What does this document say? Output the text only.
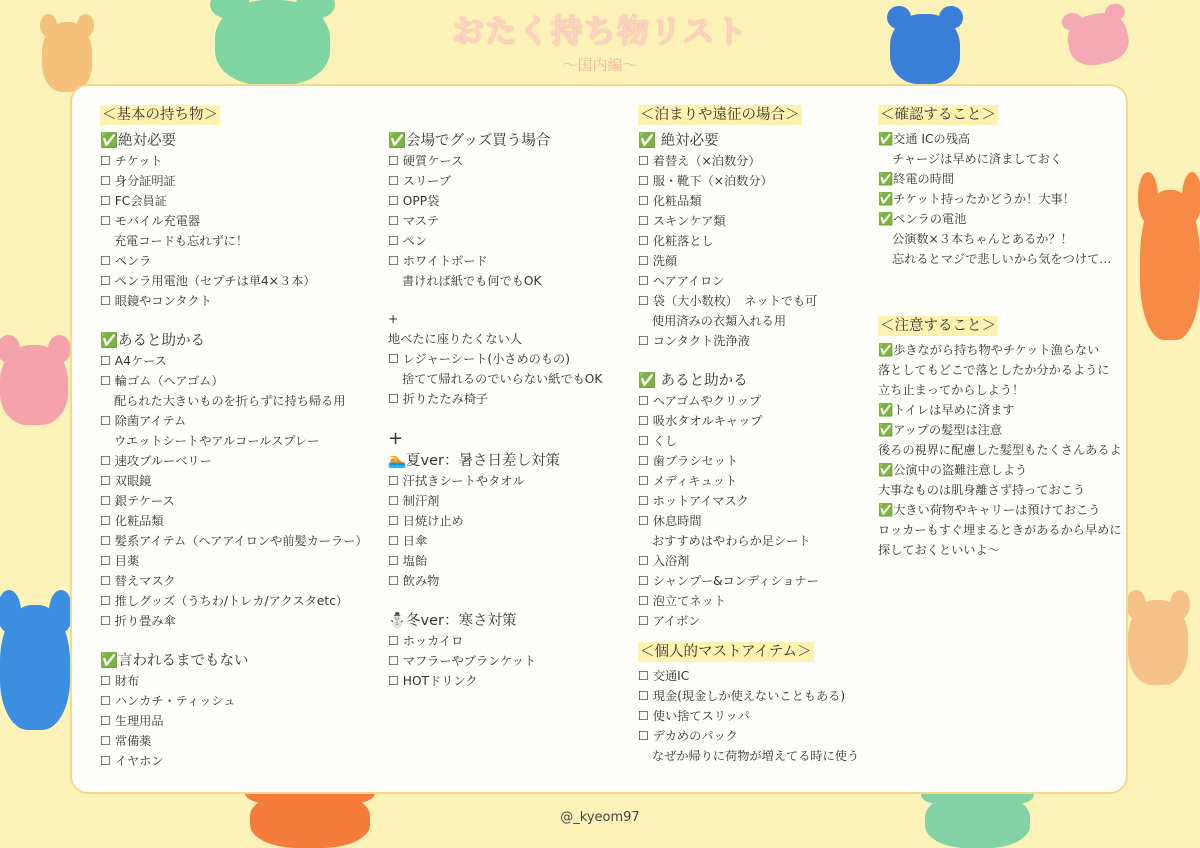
おたく持ち物リスト
〜国内編〜
＜基本の持ち物＞
✅絶対必要
☐ チケット
☐ 身分証明証
☐ FC会員証
☐ モバイル充電器
充電コードも忘れずに！
☐ ペンラ
☐ ペンラ用電池（セプチは単4×３本）
☐ 眼鏡やコンタクト
✅あると助かる
☐ A4ケース
☐ 輪ゴム（ヘアゴム）
配られた大きいものを折らずに持ち帰る用
☐ 除菌アイテム
ウエットシートやアルコールスプレー
☐ 速攻ブルーベリー
☐ 双眼鏡
☐ 銀テケース
☐ 化粧品類
☐ 髪系アイテム（ヘアアイロンや前髪カーラー）
☐ 目薬
☐ 替えマスク
☐ 推しグッズ（うちわ/トレカ/アクスタetc）
☐ 折り畳み傘
✅言われるまでもない
☐ 財布
☐ ハンカチ・ティッシュ
☐ 生理用品
☐ 常備薬
☐ イヤホン
✅会場でグッズ買う場合
☐ 硬質ケース
☐ スリーブ
☐ OPP袋
☐ マステ
☐ ペン
☐ ホワイトボード
書ければ紙でも何でもOK
+
地べたに座りたくない人
☐ レジャーシート(小さめのもの)
捨てて帰れるのでいらない紙でもOK
☐ 折りたたみ椅子
+
🏊夏ver：暑さ日差し対策
☐ 汗拭きシートやタオル
☐ 制汗剤
☐ 日焼け止め
☐ 日傘
☐ 塩飴
☐ 飲み物
⛄冬ver：寒さ対策
☐ ホッカイロ
☐ マフラーやブランケット
☐ HOTドリンク
＜泊まりや遠征の場合＞
✅ 絶対必要
☐ 着替え（×泊数分）
☐ 服・靴下（×泊数分）
☐ 化粧品類
☐ スキンケア類
☐ 化粧落とし
☐ 洗顔
☐ ヘアアイロン
☐ 袋（大小数枚）　ネットでも可
使用済みの衣類入れる用
☐ コンタクト洗浄液
✅ あると助かる
☐ ヘアゴムやクリップ
☐ 吸水タオルキャップ
☐ くし
☐ 歯ブラシセット
☐ メディキュット
☐ ホットアイマスク
☐ 休息時間
おすすめはやわらか足シート
☐ 入浴剤
☐ シャンプー&コンディショナー
☐ 泡立てネット
☐ アイボン
＜個人的マストアイテム＞
☐ 交通IC
☐ 現金(現金しか使えないこともある)
☐ 使い捨てスリッパ
☐ デカめのパック
なぜか帰りに荷物が増えてる時に使う
＜確認すること＞
✅交通 ICの残高
チャージは早めに済ましておく
✅終電の時間
✅チケット持ったかどうか！大事！
✅ペンラの電池
公演数×３本ちゃんとあるか？！
忘れるとマジで悲しいから気をつけて…
＜注意すること＞
✅歩きながら持ち物やチケット漁らない
落としてもどこで落としたか分かるように
立ち止まってからしよう！
✅トイレは早めに済ます
✅アップの髪型は注意
後ろの視界に配慮した髪型もたくさんあるよ
✅公演中の盗難注意しよう
大事なものは肌身離さず持っておこう
✅大きい荷物やキャリーは預けておこう
ロッカーもすぐ埋まるときがあるから早めに
探しておくといいよ〜
@_kyeom97
